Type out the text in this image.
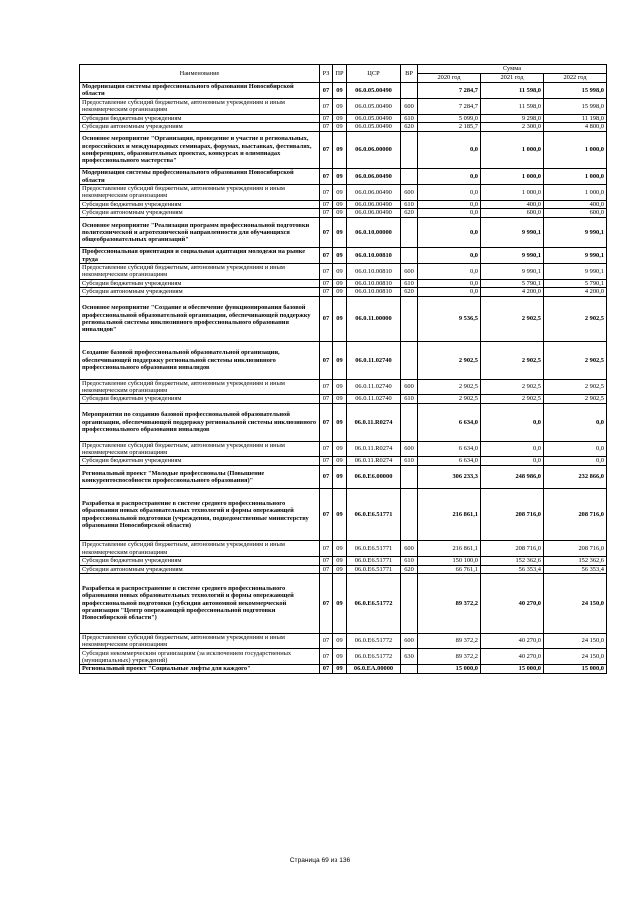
Наименование	РЗ	ПР	ЦСР	ВР	Сумма		
					2020 год	2021 год	2022 год
Модернизация системы профессионального образования Новосибирской области	07	09	06.0.05.00490		7 284,7	11 598,0	15 998,0
Предоставление субсидий бюджетным, автономным учреждениям и иным некоммерческим организациям	07	09	06.0.05.00490	600	7 284,7	11 598,0	15 998,0
Субсидии бюджетным учреждениям	07	09	06.0.05.00490	610	5 099,0	9 298,0	11 198,0
Субсидии автономным учреждениям	07	09	06.0.05.00490	620	2 185,7	2 300,0	4 800,0
Основное мероприятие "Организация, проведение и участие в региональных, всероссийских и международных семинарах, форумах, выставках, фестивалях, конференциях, образовательных проектах, конкурсах и олимпиадах профессионального мастерства"	07	09	06.0.06.00000		0,0	1 000,0	1 000,0
Модернизация системы профессионального образования Новосибирской области	07	09	06.0.06.00490		0,0	1 000,0	1 000,0
Предоставление субсидий бюджетным, автономным учреждениям и иным некоммерческим организациям	07	09	06.0.06.00490	600	0,0	1 000,0	1 000,0
Субсидии бюджетным учреждениям	07	09	06.0.06.00490	610	0,0	400,0	400,0
Субсидии автономным учреждениям	07	09	06.0.06.00490	620	0,0	600,0	600,0
Основное мероприятие "Реализация программ профессиональной подготовки политехнической и агротехнической направленности для обучающихся общеобразовательных организаций"	07	09	06.0.10.00000		0,0	9 990,1	9 990,1
Профессиональная ориентация и социальная адаптация молодежи на рынке труда	07	09	06.0.10.00810		0,0	9 990,1	9 990,1
Предоставление субсидий бюджетным, автономным учреждениям и иным некоммерческим организациям	07	09	06.0.10.00810	600	0,0	9 990,1	9 990,1
Субсидии бюджетным учреждениям	07	09	06.0.10.00810	610	0,0	5 790,1	5 790,1
Субсидии автономным учреждениям	07	09	06.0.10.00810	620	0,0	4 200,0	4 200,0
Основное мероприятие "Создание и обеспечение функционирования базовой профессиональной образовательной организации, обеспечивающей поддержку региональной системы инклюзивного профессионального образования инвалидов"	07	09	06.0.11.00000		9 536,5	2 902,5	2 902,5
Создание базовой профессиональной образовательной организации, обеспечивающей поддержку региональной системы инклюзивного профессионального образования инвалидов	07	09	06.0.11.02740		2 902,5	2 902,5	2 902,5
Предоставление субсидий бюджетным, автономным учреждениям и иным некоммерческим организациям	07	09	06.0.11.02740	600	2 902,5	2 902,5	2 902,5
Субсидии бюджетным учреждениям	07	09	06.0.11.02740	610	2 902,5	2 902,5	2 902,5
Мероприятия по созданию базовой профессиональной образовательной организации, обеспечивающей поддержку региональной системы инклюзивного профессионального образования инвалидов	07	09	06.0.11.R0274		6 634,0	0,0	0,0
Предоставление субсидий бюджетным, автономным учреждениям и иным некоммерческим организациям	07	09	06.0.11.R0274	600	6 634,0	0,0	0,0
Субсидии бюджетным учреждениям	07	09	06.0.11.R0274	610	6 634,0	0,0	0,0
Региональный проект "Молодые профессионалы (Повышение конкурентоспособности профессионального образования)"	07	09	06.0.E6.00000		306 233,3	248 986,0	232 866,0
Разработка и распространение в системе среднего профессионального образования новых образовательных технологий и формы опережающей профессиональной подготовки (учреждения, подведомственные министерству образования Новосибирской области)	07	09	06.0.E6.51771		216 861,1	208 716,0	208 716,0
Предоставление субсидий бюджетным, автономным учреждениям и иным некоммерческим организациям	07	09	06.0.E6.51771	600	216 861,1	208 716,0	208 716,0
Субсидии бюджетным учреждениям	07	09	06.0.E6.51771	610	150 100,0	152 362,6	152 362,6
Субсидии автономным учреждениям	07	09	06.0.E6.51771	620	66 761,1	56 353,4	56 353,4
Разработка и распространение в системе среднего профессионального образования новых образовательных технологий и формы опережающей профессиональной подготовки (субсидия автономной некоммерческой организации "Центр опережающей профессиональной подготовки Новосибирской области")	07	09	06.0.E6.51772		89 372,2	40 270,0	24 150,0
Предоставление субсидий бюджетным, автономным учреждениям и иным некоммерческим организациям	07	09	06.0.E6.51772	600	89 372,2	40 270,0	24 150,0
Субсидии некоммерческим организациям (за исключением государственных (муниципальных) учреждений)	07	09	06.0.E6.51772	630	89 372,2	40 270,0	24 150,0
Региональный проект "Социальные лифты для каждого"	07	09	06.0.EA.00000		15 000,0	15 000,0	15 000,0
Страница 69 из 136
